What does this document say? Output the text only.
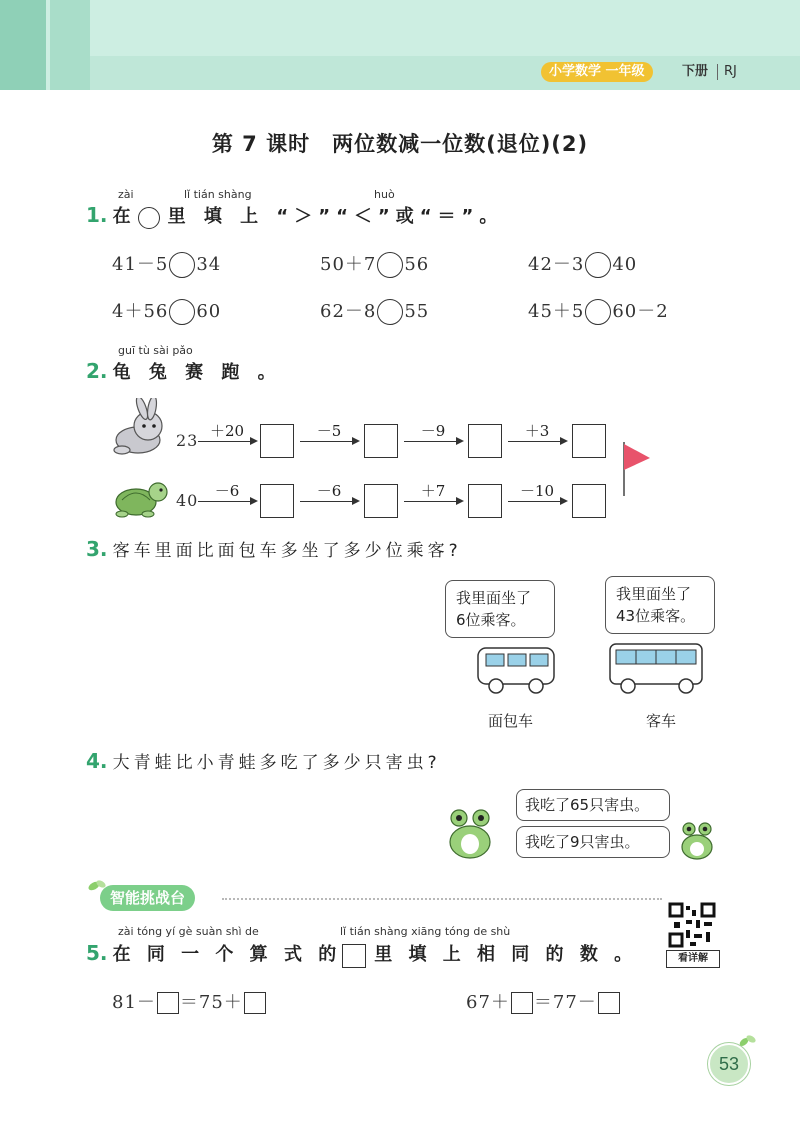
小学数学 一年级	下册 RJ
第 7 课时　两位数减一位数(退位)(2)
zài	lǐ tián shàng	huò
1. 在 里 填 上 “＞”“＜”或“＝”。
41－5 34	50＋7 56	42－3 40
4＋56 60	62－8 55	45＋5 60－2
guī tù sài pǎo
2. 龟 兔 赛 跑 。
23 ＋20	－5	－9	＋3
40	－6	－6	＋7	－10
3. 客车里面比面包车多坐了多少位乘客?
我里面坐了
6位乘客。
我里面坐了
43位乘客。
面包车	客车
4. 大青蛙比小青蛙多吃了多少只害虫?
我吃了65只害虫。
我吃了9只害虫。
智能挑战台
zài tóng yí gè suàn shì de	lǐ tián shàng xiāng tóng de shù
5. 在 同 一 个 算 式 的 里 填 上 相 同 的 数 。
81－ ＝75＋	67＋ ＝77－
看详解
53
